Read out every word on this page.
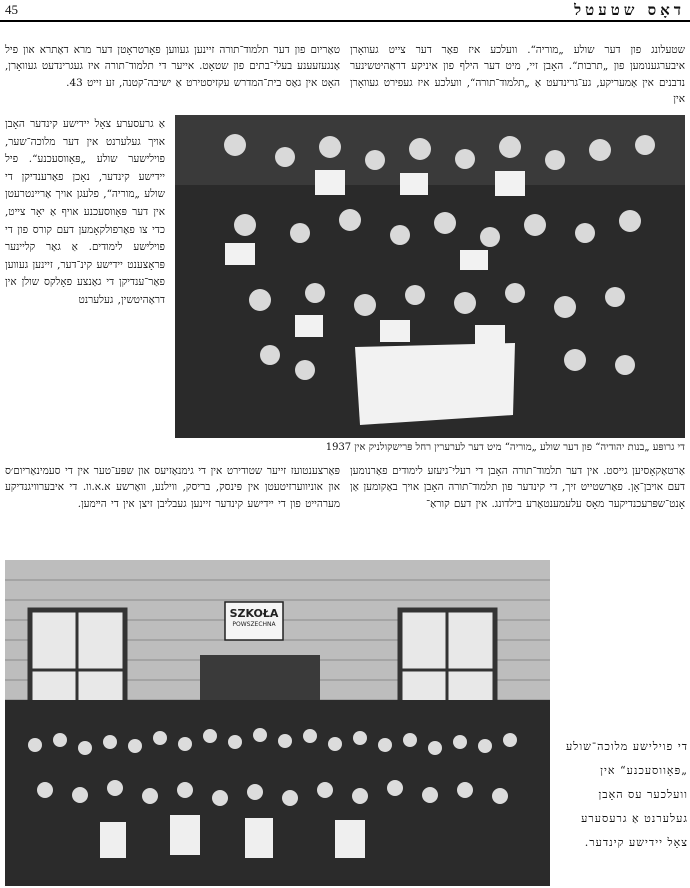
45	דאָס שטעטל
שטעלונג פון דער שולע „מוריה“. וועלכע איז פאַר דער צייט געוואָרן איבערגענומען פון „תרבות“. האָבן זיי, מיט דער הילף פון איניקע דראַהיטשינער נדבנים אין אַמעריקע, גע־גרינדעט אַ „תלמוד־תורה“, וועלכע איז געפירט געוואָרן אין
טאַריום פון דער תלמוד־תורה זיינען געווען פאָרטראָטן דער מרא דאַתרא און פיל אַנגעזעענע בעלי־בתים פון שטאָט. אייער די תלמוד־תורה איז געגרינדעט געוואָרן, האָט אין גאַס בית־המדרש עקזיסטירט אַ ישיבה־קטנה, זע זייט 43.
אַ גרעסערע צאָל יידישע קינדער האָבן אויך געלערנט אין דער מלוכה־שער, פוילישער שולע „פּאָווסעכנע“. פיל יידישע קינדער, נאָכן פאַרענדיקן די שולע „מוריה“, פלעגן אויך אַריינטרעטן אין דער פּאָווסעכנע אויף אַ יאָר צייט, כדי צו פאַרפולקאָמען דעם קורס פון די פוילישע לימודים. אַ גאַר קליינער פּראָצענט יידישע קינ־דער, זיינען געווען פאַר־ענדיקן די גאַנצע פאָלקס שולן אין דראַהיטשין, געלערנט
די גרופּע „בנות יהודיה“ פון דער שולע „מוריה“ מיט דער לערערין רחל פּרישקולניק אין 1937
אַרטאַקאָסיען גייסט. אין דער תלמוד־תורה האָבן די רעלי־גיעזע לימודים פאַרנומען דעם אויבן־אָן. פאַרשטייט זיך, די קינדער פון תלמוד־תורה האָבן אויך באַקומען אַן אָנט־שפּרעכנדיקער מאָס עלעמענטאַרע בילדונג. אין דעם קוראַ־
פּאַרצענטועז זייער שטודירט אין די גימנאַזיעס און שפּע־טער אין די סעמינאַריום׳ס און אוניווערזיטעטן אין פּינסק, בריסק, ווילנע, וואַרשע א.א.וו. די איבערוויגנדיקע מערהייט פון די יידישע קינדער זיינען געבליבן זיצן אין די הײמען.
SZKOŁA
POWSZECHNA
די פוילישע מלוכה־שולע „פּאָווסעכנע“ אין וועלכער עס האָבן געלערנט אַ גרעסערע צאָל יידישע קינדער.
